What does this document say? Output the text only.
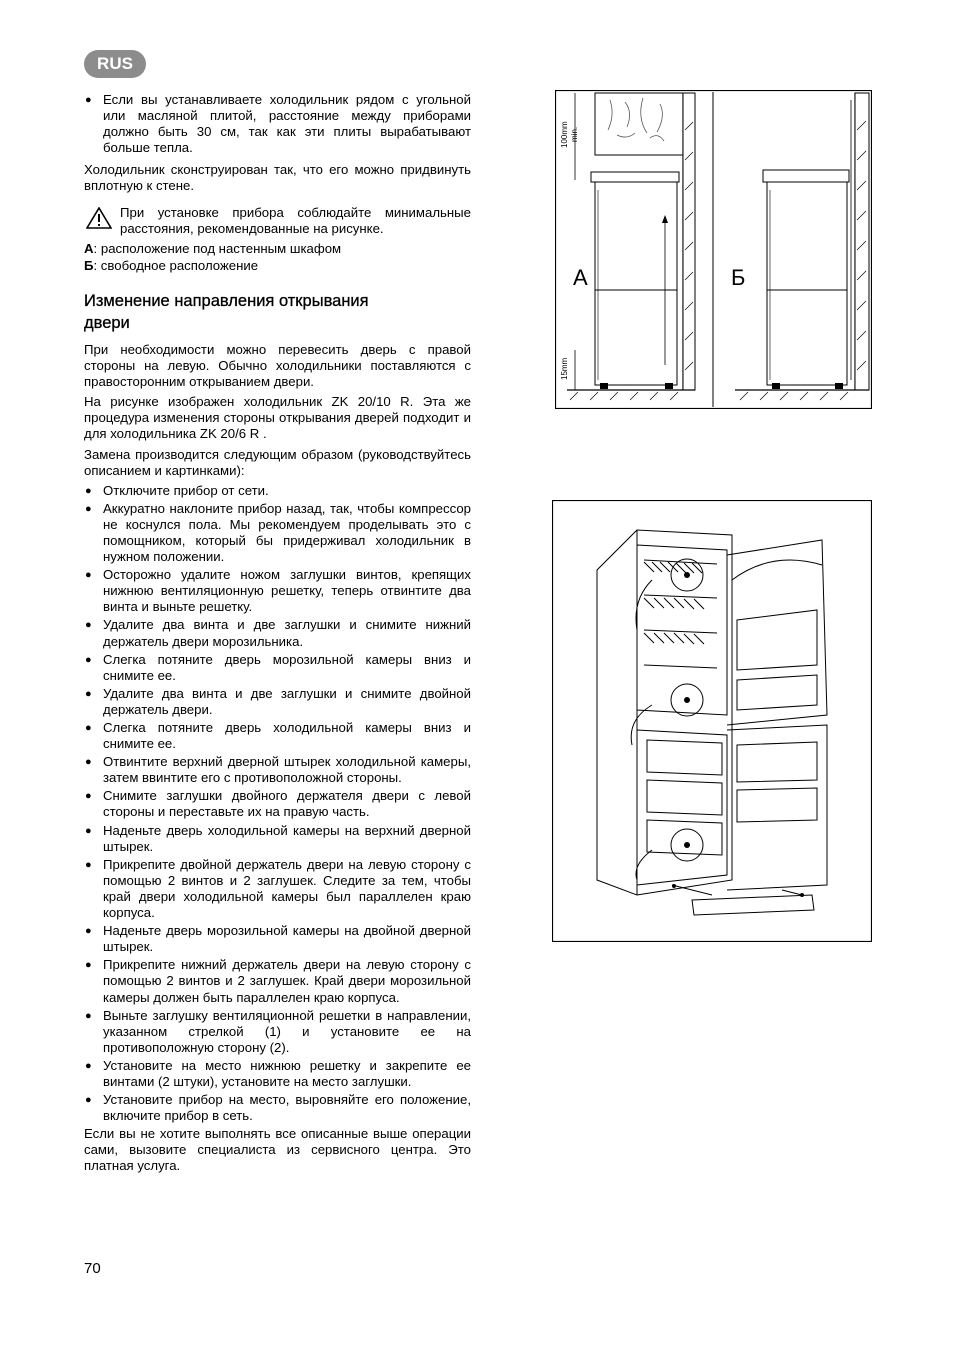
RUS
● Если вы устанавливаете холодильник рядом с угольной или масляной плитой, расстояние между приборами должно быть 30 см, так как эти плиты вырабатывают больше тепла.

Холодильник сконструирован так, что его можно придвинуть вплотную к стене.

При установке прибора соблюдайте минимальные расстояния, рекомендованные на рисунке.

А: расположение под настенным шкафом

Б: свободное расположение

Изменение направления открывания
двери

При необходимости можно перевесить дверь с правой стороны на левую. Обычно холодильники поставляются с правосторонним открыванием двери.

На рисунке изображен холодильник ZK 20/10 R. Эта же процедура изменения стороны открывания дверей подходит и для холодильника ZK 20/6 R .

Замена производится следующим образом (руководствуйтесь описанием и картинками):

● Отключите прибор от сети.
● Аккуратно наклоните прибор назад, так, чтобы компрессор не коснулся пола. Мы рекомендуем проделывать это с помощником, который бы придерживал холодильник в нужном положении.
● Осторожно удалите ножом заглушки винтов, крепящих нижнюю вентиляционную решетку, теперь отвинтите два винта и выньте решетку.
● Удалите два винта и две заглушки и снимите нижний держатель двери морозильника.
● Слегка потяните дверь морозильной камеры вниз и снимите ее.
● Удалите два винта и две заглушки и снимите двойной держатель двери.
● Слегка потяните дверь холодильной камеры вниз и снимите ее.
● Отвинтите верхний дверной штырек холодильной камеры, затем ввинтите его с противоположной стороны.
● Снимите заглушки двойного держателя двери с левой стороны и переставьте их на правую часть.
● Наденьте дверь холодильной камеры на верхний дверной штырек.
● Прикрепите двойной держатель двери на левую сторону с помощью 2 винтов и 2 заглушек. Следите за тем, чтобы край двери холодильной камеры был параллелен краю корпуса.
● Наденьте дверь морозильной камеры на двойной дверной штырек.
● Прикрепите нижний держатель двери на левую сторону с помощью 2 винтов и 2 заглушек. Край двери морозильной камеры должен быть параллелен краю корпуса.
● Выньте заглушку вентиляционной решетки в направлении, указанном стрелкой (1) и установите ее на противоположную сторону (2).
● Установите на место нижнюю решетку и закрепите ее винтами (2 штуки), установите на место заглушки.
● Установите прибор на место, выровняйте его положение, включите прибор в сеть.

Если вы не хотите выполнять все описанные выше операции сами, вызовите специалиста из сервисного центра. Это платная услуга.

70
А
100mm min.
15mm
Б
